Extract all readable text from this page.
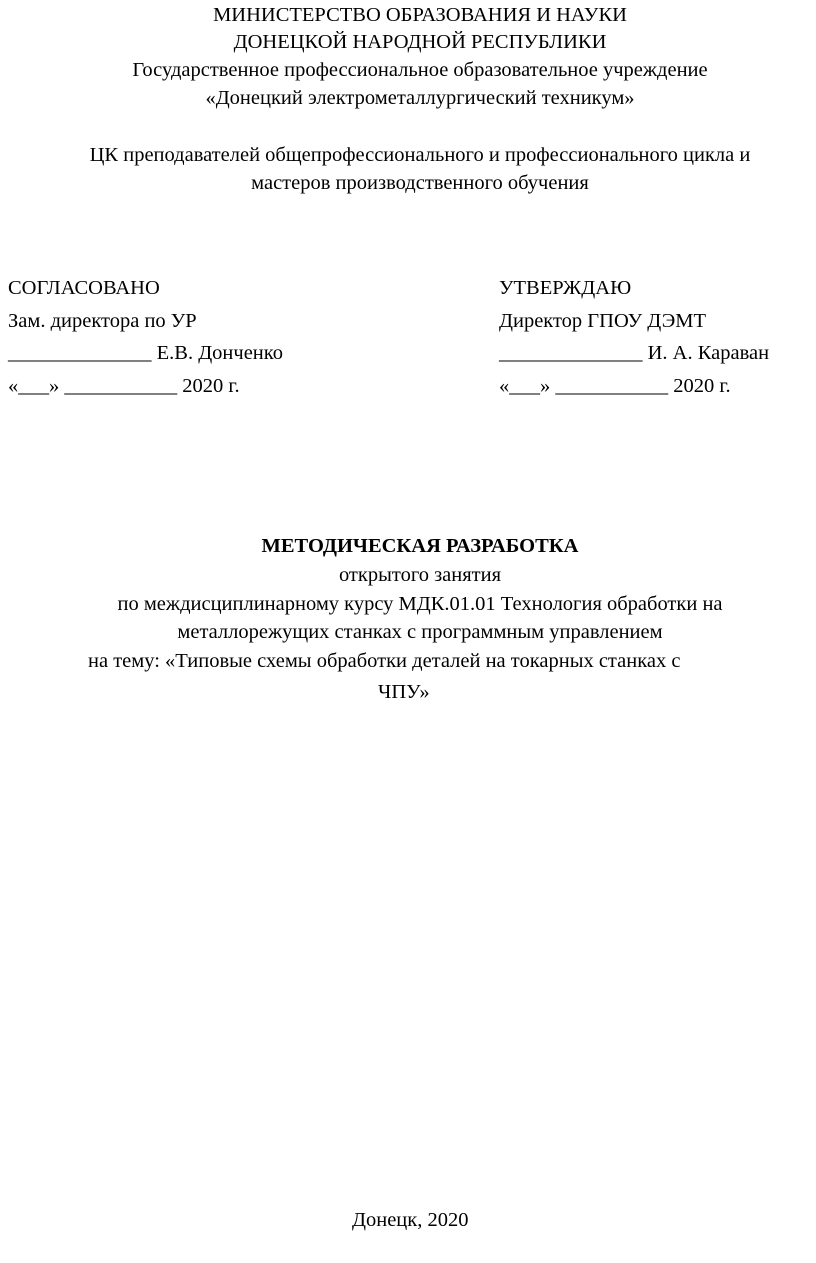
МИНИСТЕРСТВО ОБРАЗОВАНИЯ И НАУКИ
ДОНЕЦКОЙ НАРОДНОЙ РЕСПУБЛИКИ
Государственное профессиональное образовательное учреждение
«Донецкий электрометаллургический техникум»
ЦК преподавателей общепрофессионального и профессионального цикла и
мастеров производственного обучения
СОГЛАСОВАНО
Зам. директора по УР
______________ Е.В. Донченко
«___» ___________ 2020 г.
УТВЕРЖДАЮ
Директор ГПОУ ДЭМТ
______________ И. А. Караван
«___» ___________ 2020 г.
МЕТОДИЧЕСКАЯ РАЗРАБОТКА
открытого занятия
по междисциплинарному курсу МДК.01.01 Технология обработки на
металлорежущих станках с программным управлением
на тему: «Типовые схемы обработки деталей на токарных станках с
ЧПУ»
Донецк, 2020
